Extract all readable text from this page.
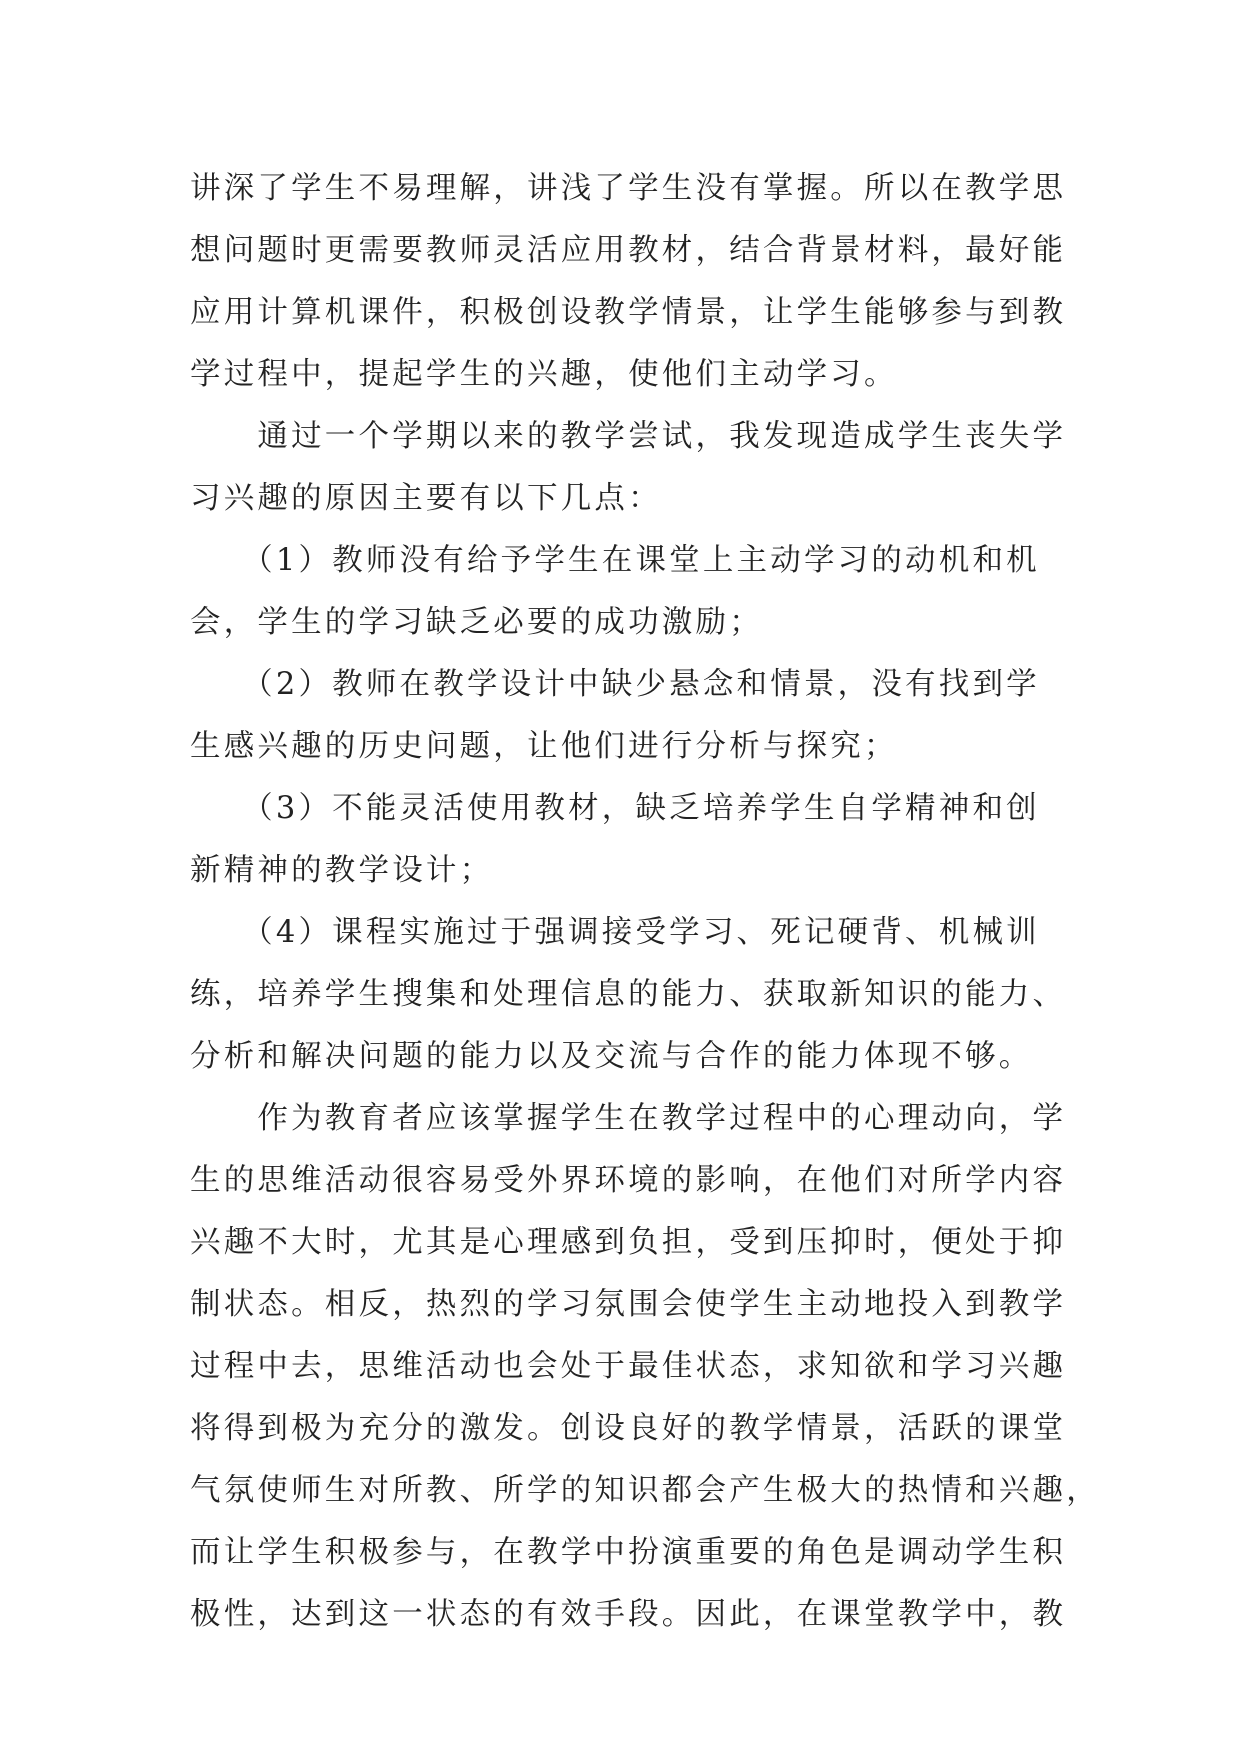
讲深了学生不易理解，讲浅了学生没有掌握。所以在教学思
想问题时更需要教师灵活应用教材，结合背景材料，最好能
应用计算机课件，积极创设教学情景，让学生能够参与到教
学过程中，提起学生的兴趣，使他们主动学习。
　　通过一个学期以来的教学尝试，我发现造成学生丧失学
习兴趣的原因主要有以下几点：
　　（1）教师没有给予学生在课堂上主动学习的动机和机
会，学生的学习缺乏必要的成功激励；
　　（2）教师在教学设计中缺少悬念和情景，没有找到学
生感兴趣的历史问题，让他们进行分析与探究；
　　（3）不能灵活使用教材，缺乏培养学生自学精神和创
新精神的教学设计；
　　（4）课程实施过于强调接受学习、死记硬背、机械训
练，培养学生搜集和处理信息的能力、获取新知识的能力、
分析和解决问题的能力以及交流与合作的能力体现不够。
　　作为教育者应该掌握学生在教学过程中的心理动向，学
生的思维活动很容易受外界环境的影响，在他们对所学内容
兴趣不大时，尤其是心理感到负担，受到压抑时，便处于抑
制状态。相反，热烈的学习氛围会使学生主动地投入到教学
过程中去，思维活动也会处于最佳状态，求知欲和学习兴趣
将得到极为充分的激发。创设良好的教学情景，活跃的课堂
气氛使师生对所教、所学的知识都会产生极大的热情和兴趣，
而让学生积极参与，在教学中扮演重要的角色是调动学生积
极性，达到这一状态的有效手段。因此，在课堂教学中，教
